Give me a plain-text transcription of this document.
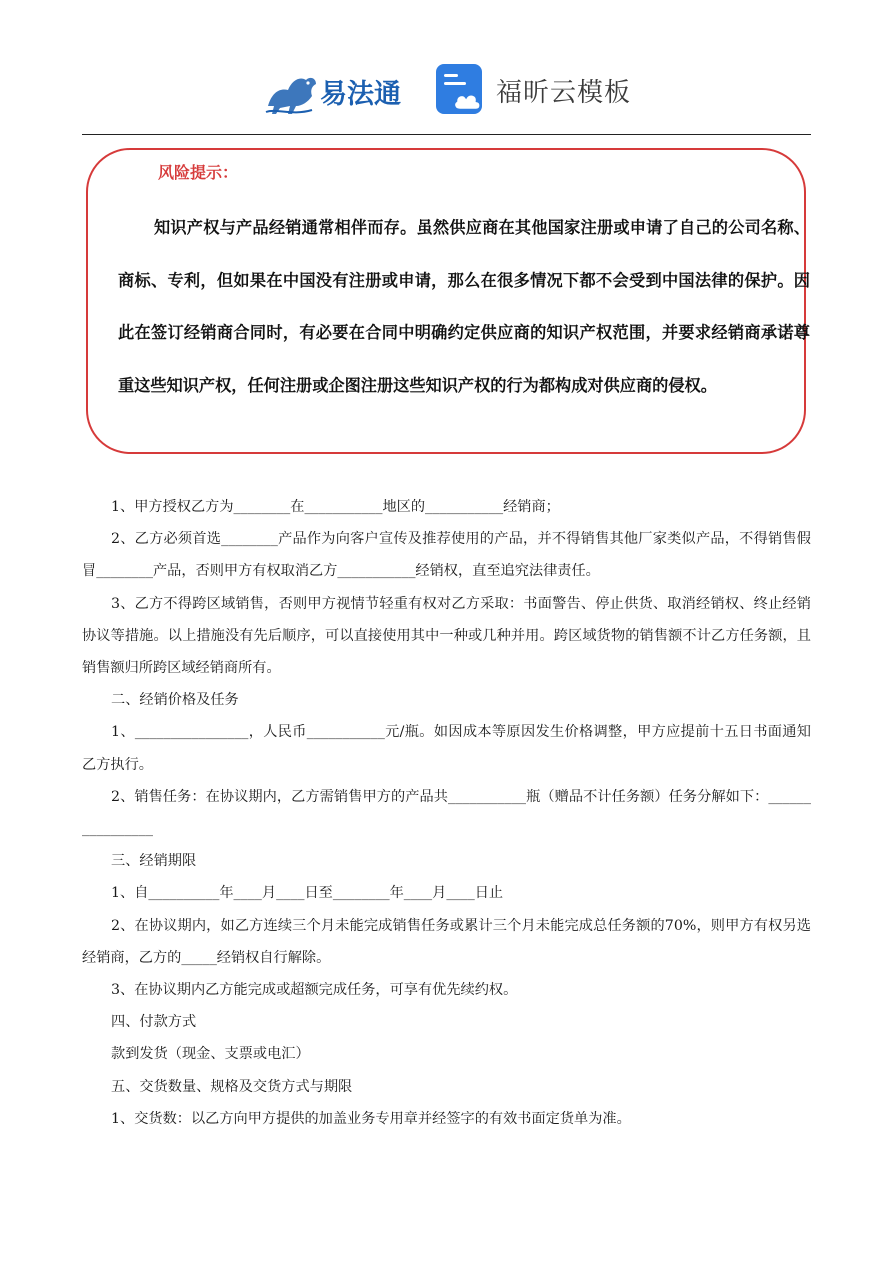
易法通	福昕云模板
风险提示：

知识产权与产品经销通常相伴而存。虽然供应商在其他国家注册或申请了自己的公司名称、商标、专利，但如果在中国没有注册或申请，那么在很多情况下都不会受到中国法律的保护。因此在签订经销商合同时，有必要在合同中明确约定供应商的知识产权范围，并要求经销商承诺尊重这些知识产权，任何注册或企图注册这些知识产权的行为都构成对供应商的侵权。

1、甲方授权乙方为________在___________地区的___________经销商；

2、乙方必须首选________产品作为向客户宣传及推荐使用的产品，并不得销售其他厂家类似产品，不得销售假冒________产品，否则甲方有权取消乙方___________经销权，直至追究法律责任。

3、乙方不得跨区域销售，否则甲方视情节轻重有权对乙方采取：书面警告、停止供货、取消经销权、终止经销协议等措施。以上措施没有先后顺序，可以直接使用其中一种或几种并用。跨区域货物的销售额不计乙方任务额，且销售额归所跨区域经销商所有。

二、经销价格及任务

1、________________，人民币___________元/瓶。如因成本等原因发生价格调整，甲方应提前十五日书面通知乙方执行。

2、销售任务：在协议期内，乙方需销售甲方的产品共___________瓶（赠品不计任务额）任务分解如下：________________

三、经销期限

1、自__________年____月____日至________年____月____日止

2、在协议期内，如乙方连续三个月未能完成销售任务或累计三个月未能完成总任务额的70%，则甲方有权另选经销商，乙方的_____经销权自行解除。

3、在协议期内乙方能完成或超额完成任务，可享有优先续约权。

四、付款方式

款到发货（现金、支票或电汇）

五、交货数量、规格及交货方式与期限

1、交货数：以乙方向甲方提供的加盖业务专用章并经签字的有效书面定货单为准。
